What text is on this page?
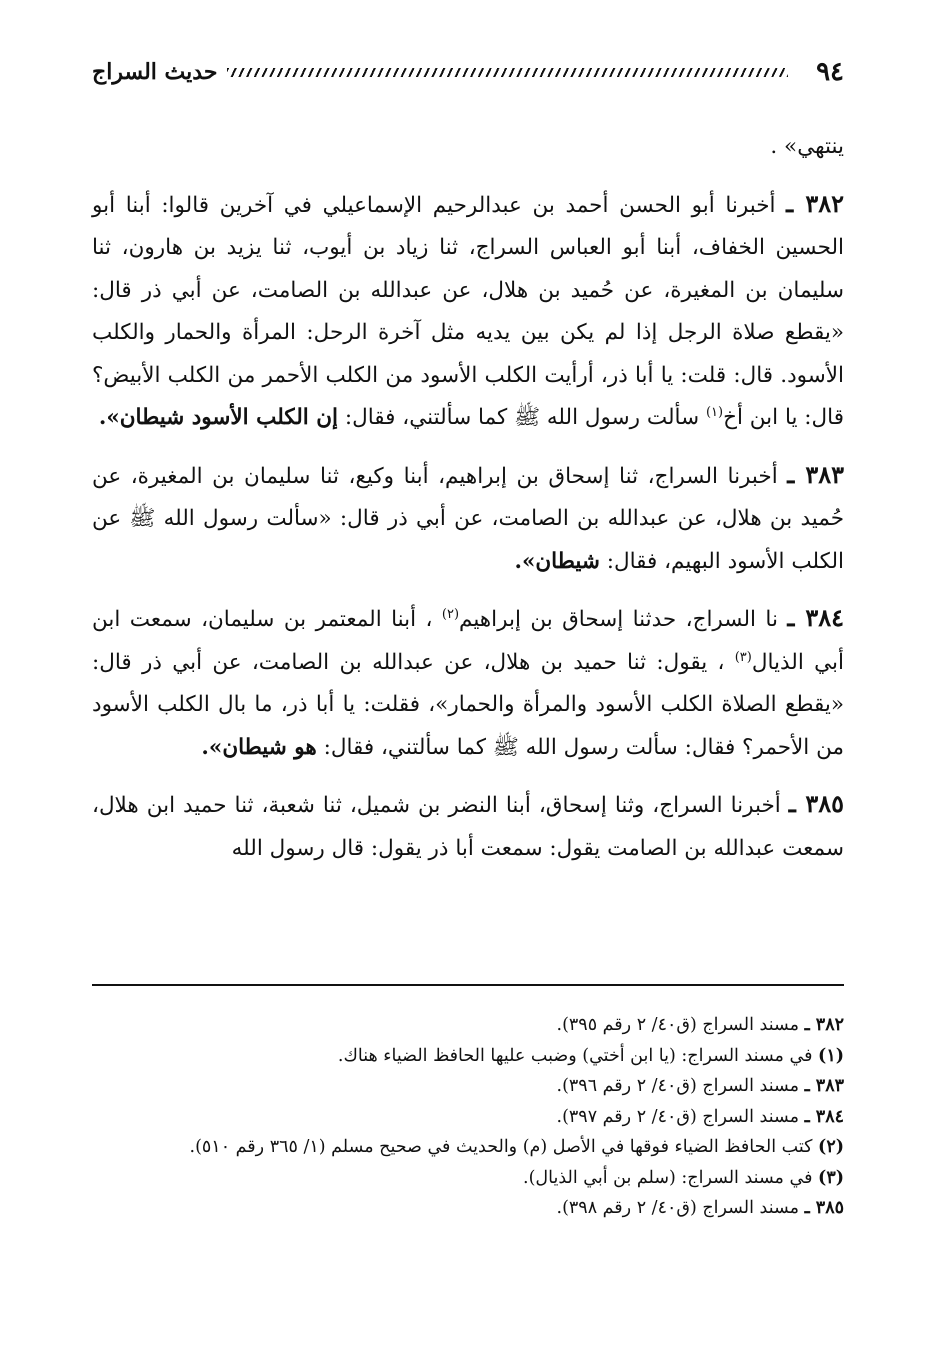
٩٤
حديث السراج

ينتهي» .

٣٨٢ ـ أخبرنا أبو الحسن أحمد بن عبدالرحيم الإسماعيلي في آخرين قالوا: أبنا أبو الحسين الخفاف، أبنا أبو العباس السراج، ثنا زياد بن أيوب، ثنا يزيد بن هارون، ثنا سليمان بن المغيرة، عن حُميد بن هلال، عن عبدالله بن الصامت، عن أبي ذر قال: «يقطع صلاة الرجل إذا لم يكن بين يديه مثل آخرة الرحل: المرأة والحمار والكلب الأسود. قال: قلت: يا أبا ذر، أرأيت الكلب الأسود من الكلب الأحمر من الكلب الأبيض؟ قال: يا ابن أخ$^{(١)}$ سألت رسول الله ﷺ كما سألتني، فقال: إن الكلب الأسود شيطان».

٣٨٣ ـ أخبرنا السراج، ثنا إسحاق بن إبراهيم، أبنا وكيع، ثنا سليمان بن المغيرة، عن حُميد بن هلال، عن عبدالله بن الصامت، عن أبي ذر قال: «سألت رسول الله ﷺ عن الكلب الأسود البهيم، فقال: شيطان».

٣٨٤ ـ نا السراج، حدثنا إسحاق بن إبراهيم$^{(٢)}$ ، أبنا المعتمر بن سليمان، سمعت ابن أبي الذيال$^{(٣)}$ ، يقول: ثنا حميد بن هلال، عن عبدالله بن الصامت، عن أبي ذر قال: «يقطع الصلاة الكلب الأسود والمرأة والحمار»، فقلت: يا أبا ذر، ما بال الكلب الأسود من الأحمر؟ فقال: سألت رسول الله ﷺ كما سألتني، فقال: هو شيطان».

٣٨٥ ـ أخبرنا السراج، وثنا إسحاق، أبنا النضر بن شميل، ثنا شعبة، ثنا حميد ابن هلال، سمعت عبدالله بن الصامت يقول: سمعت أبا ذر يقول: قال رسول الله

٣٨٢ ـ مسند السراج (ق٤٠/ ٢ رقم ٣٩٥).
(١) في مسند السراج: (يا ابن أختي) وضبب عليها الحافظ الضياء هناك.
٣٨٣ ـ مسند السراج (ق٤٠/ ٢ رقم ٣٩٦).
٣٨٤ ـ مسند السراج (ق٤٠/ ٢ رقم ٣٩٧).
(٢) كتب الحافظ الضياء فوقها في الأصل (م) والحديث في صحيح مسلم (١/ ٣٦٥ رقم ٥١٠).
(٣) في مسند السراج: (سلم بن أبي الذيال).
٣٨٥ ـ مسند السراج (ق٤٠/ ٢ رقم ٣٩٨).
